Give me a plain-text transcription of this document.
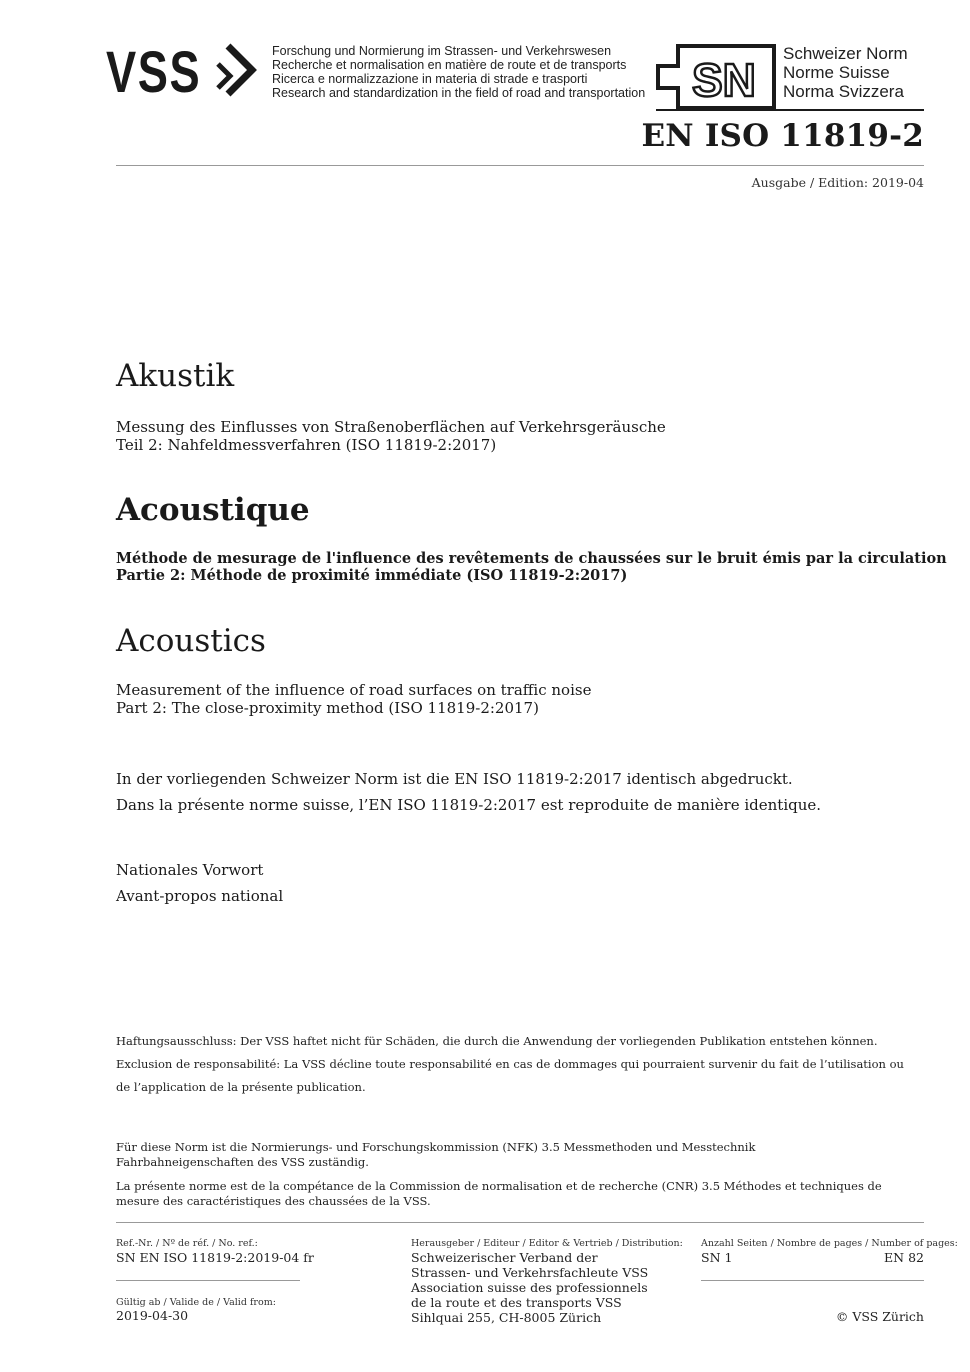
VSS	Forschung und Normierung im Strassen- und Verkehrswesen
Recherche et normalisation en matière de route et de transports
Ricerca e normalizzazione in materia di strade e trasporti
Research and standardization in the field of road and transportation SN
Schweizer Norm
Norme Suisse
Norma Svizzera
EN ISO 11819-2
Ausgabe / Edition: 2019-04
Akustik
Messung des Einflusses von Straßenoberflächen auf Verkehrsgeräusche
Teil 2: Nahfeldmessverfahren (ISO 11819-2:2017)
Acoustique
Méthode de mesurage de l'influence des revêtements de chaussées sur le bruit émis par la circulation
Partie 2: Méthode de proximité immédiate (ISO 11819-2:2017)
Acoustics
Measurement of the influence of road surfaces on traffic noise
Part 2: The close-proximity method (ISO 11819-2:2017)
In der vorliegenden Schweizer Norm ist die EN ISO 11819-2:2017 identisch abgedruckt.
Dans la présente norme suisse, l’EN ISO 11819-2:2017 est reproduite de manière identique.
Nationales Vorwort
Avant-propos national
Haftungsausschluss: Der VSS haftet nicht für Schäden, die durch die Anwendung der vorliegenden Publikation entstehen können.
Exclusion de responsabilité: La VSS décline toute responsabilité en cas de dommages qui pourraient survenir du fait de l’utilisation ou
de l’application de la présente publication.
Für diese Norm ist die Normierungs- und Forschungskommission (NFK) 3.5 Messmethoden und Messtechnik Fahrbahneigenschaften des VSS zuständig.
La présente norme est de la compétance de la Commission de normalisation et de recherche (CNR) 3.5 Méthodes et techniques de mesure des caractéristiques des chaussées de la VSS.
Ref.-Nr. / Nº de réf. / No. ref.:
SN EN ISO 11819-2:2019-04 fr
Gültig ab / Valide de / Valid from:
2019-04-30
Herausgeber / Editeur / Editor & Vertrieb / Distribution:
Schweizerischer Verband der
Strassen- und Verkehrsfachleute VSS
Association suisse des professionnels
de la route et des transports VSS
Sihlquai 255, CH-8005 Zürich
Anzahl Seiten / Nombre de pages / Number of pages:
SN 1	EN 82
© VSS Zürich
